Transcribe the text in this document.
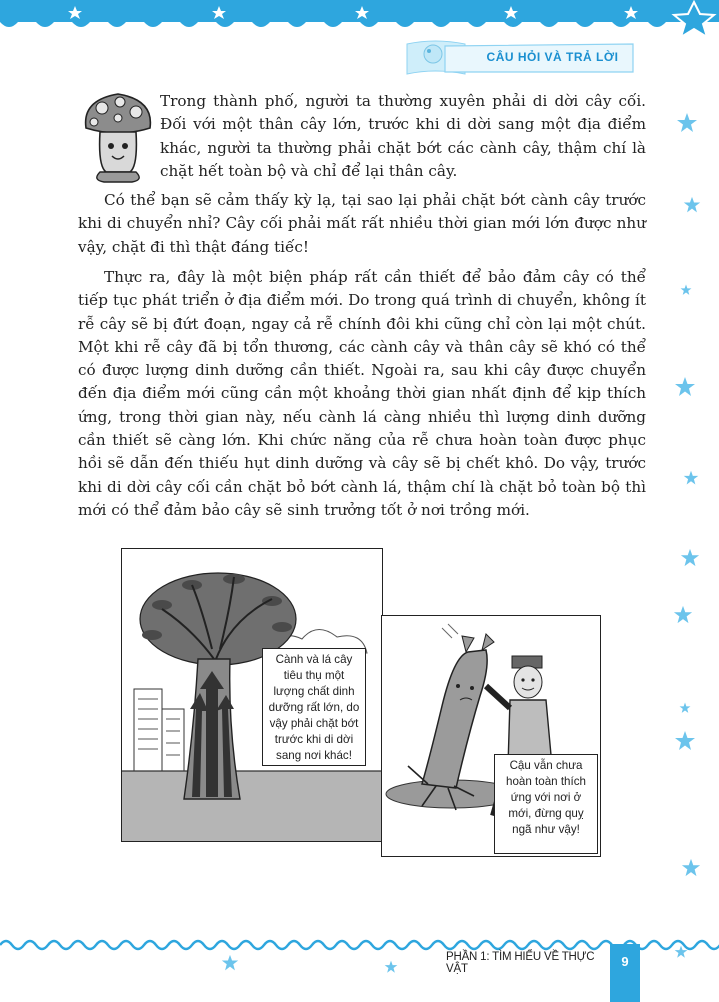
CÂU HỎI VÀ TRẢ LỜI
Trong thành phố, người ta thường xuyên phải di dời cây cối. Đối với một thân cây lớn, trước khi di dời sang một địa điểm khác, người ta thường phải chặt bớt các cành cây, thậm chí là chặt hết toàn bộ và chỉ để lại thân cây.
Có thể bạn sẽ cảm thấy kỳ lạ, tại sao lại phải chặt bớt cành cây trước khi di chuyển nhỉ? Cây cối phải mất rất nhiều thời gian mới lớn được như vậy, chặt đi thì thật đáng tiếc!
Thực ra, đây là một biện pháp rất cần thiết để bảo đảm cây có thể tiếp tục phát triển ở địa điểm mới. Do trong quá trình di chuyển, không ít rễ cây sẽ bị đứt đoạn, ngay cả rễ chính đôi khi cũng chỉ còn lại một chút. Một khi rễ cây đã bị tổn thương, các cành cây và thân cây sẽ khó có thể có được lượng dinh dưỡng cần thiết. Ngoài ra, sau khi cây được chuyển đến địa điểm mới cũng cần một khoảng thời gian nhất định để kịp thích ứng, trong thời gian này, nếu cành lá càng nhiều thì lượng dinh dưỡng cần thiết sẽ càng lớn. Khi chức năng của rễ chưa hoàn toàn được phục hồi sẽ dẫn đến thiếu hụt dinh dưỡng và cây sẽ bị chết khô. Do vậy, trước khi di dời cây cối cần chặt bỏ bớt cành lá, thậm chí là chặt bỏ toàn bộ thì mới có thể đảm bảo cây sẽ sinh trưởng tốt ở nơi trồng mới.
Cành và lá cây tiêu thụ một lượng chất dinh dưỡng rất lớn, do vậy phải chặt bớt trước khi di dời sang nơi khác!
Cậu vẫn chưa hoàn toàn thích ứng với nơi ở mới, đừng quỵ ngã như vậy!
PHẦN 1: TÌM HIỂU VỀ THỰC VẬT	9
